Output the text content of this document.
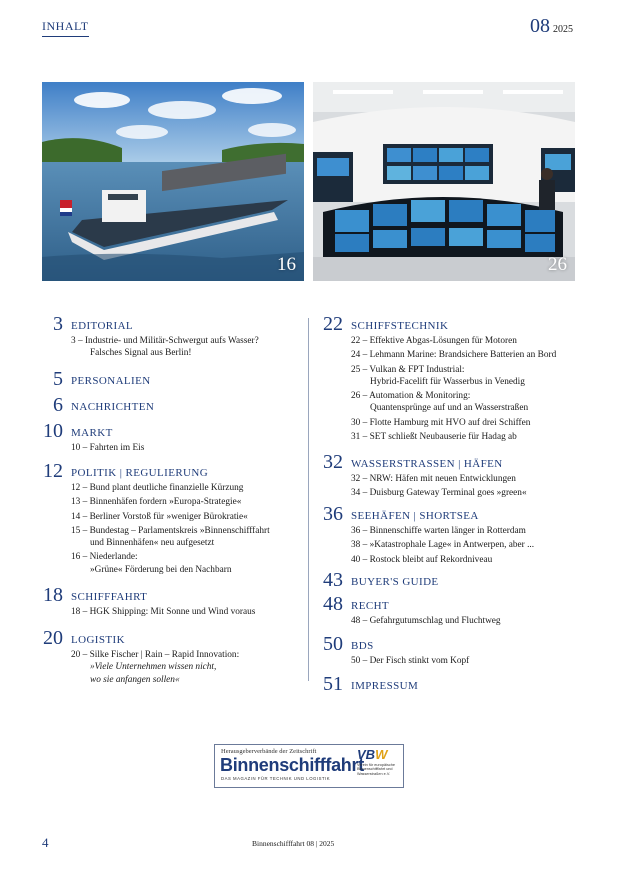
INHALT	08 2025
16	26
3 EDITORIAL
3 – Industrie- und Militär-Schwergut aufs Wasser?
Falsches Signal aus Berlin!
5 PERSONALIEN
6 NACHRICHTEN
10 MARKT
10 – Fahrten im Eis
12 POLITIK | REGULIERUNG
12 – Bund plant deutliche finanzielle Kürzung
13 – Binnenhäfen fordern »Europa-Strategie«
14 – Berliner Vorstoß für »weniger Bürokratie«
15 – Bundestag – Parlamentskreis »Binnenschifffahrt
und Binnenhäfen« neu aufgesetzt
16 – Niederlande:
»Grüne« Förderung bei den Nachbarn
18 SCHIFFFAHRT
18 – HGK Shipping: Mit Sonne und Wind voraus
20 LOGISTIK
20 – Silke Fischer | Rain – Rapid Innovation:
»Viele Unternehmen wissen nicht,
wo sie anfangen sollen«
22 SCHIFFSTECHNIK
22 – Effektive Abgas-Lösungen für Motoren
24 – Lehmann Marine: Brandsichere Batterien an Bord
25 – Vulkan & FPT Industrial:
Hybrid-Facelift für Wasserbus in Venedig
26 – Automation & Monitoring:
Quantensprünge auf und an Wasserstraßen
30 – Flotte Hamburg mit HVO auf drei Schiffen
31 – SET schließt Neubauserie für Hadag ab
32 WASSERSTRASSEN | HÄFEN
32 – NRW: Häfen mit neuen Entwicklungen
34 – Duisburg Gateway Terminal goes »green«
36 SEEHÄFEN | SHORTSEA
36 – Binnenschiffe warten länger in Rotterdam
38 – »Katastrophale Lage« in Antwerpen, aber ...
40 – Rostock bleibt auf Rekordniveau
43 BUYER'S GUIDE
48 RECHT
48 – Gefahrgutumschlag und Fluchtweg
50 BDS
50 – Der Fisch stinkt vom Kopf
51 IMPRESSUM
Herausgeberverbände der Zeitschrift
Binnenschifffahrt
DAS MAGAZIN FÜR TECHNIK UND LOGISTIK
VBW
Verein für europäische
Binnenschifffahrt und
Wasserstraßen e.V.
4	Binnenschifffahrt 08 | 2025
